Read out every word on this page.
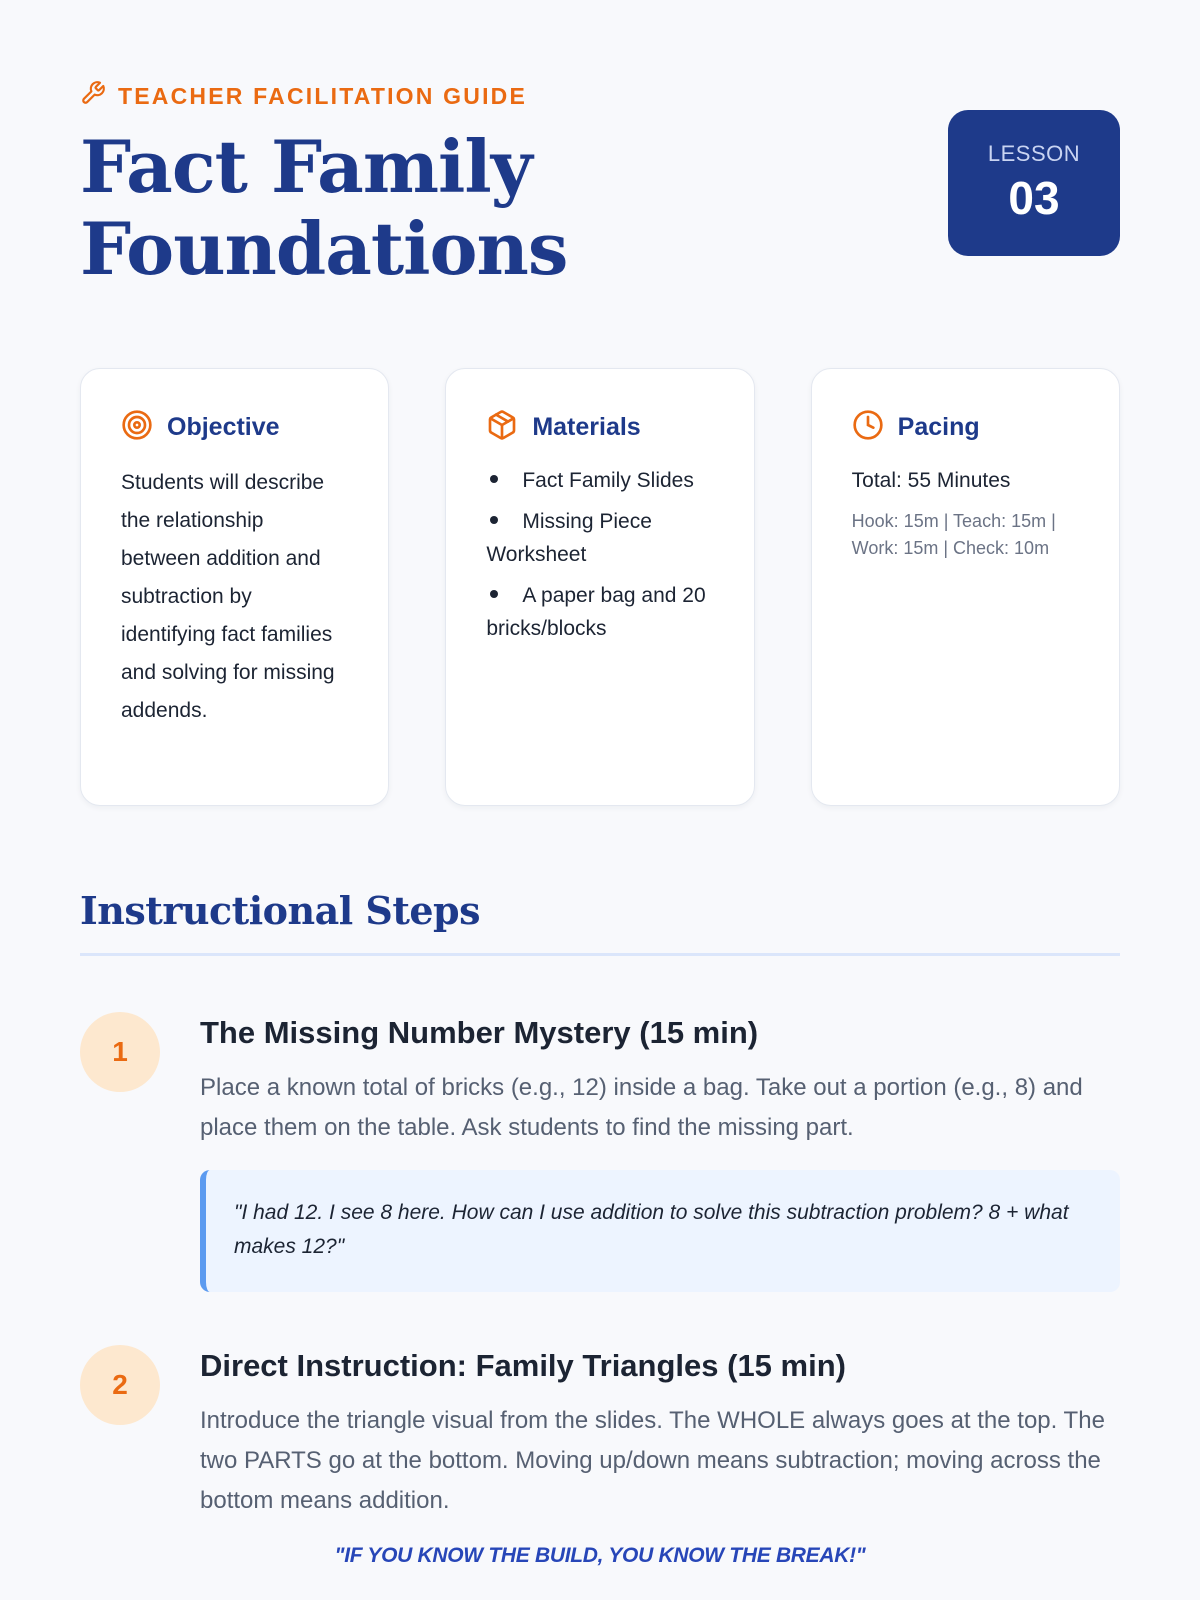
TEACHER FACILITATION GUIDE
Fact Family
Foundations
LESSON
03
Objective

Students will describe the relationship between addition and subtraction by identifying fact families and solving for missing addends.

Materials
Fact Family Slides
Missing Piece Worksheet
A paper bag and 20 bricks/blocks
Pacing

Total: 55 Minutes

Hook: 15m | Teach: 15m | Work: 15m | Check: 10m

Instructional Steps
1
The Missing Number Mystery (15 min)

Place a known total of bricks (e.g., 12) inside a bag. Take out a portion (e.g., 8) and place them on the table. Ask students to find the missing part.

"I had 12. I see 8 here. How can I use addition to solve this subtraction problem? 8 + what makes 12?"
2
Direct Instruction: Family Triangles (15 min)

Introduce the triangle visual from the slides. The WHOLE always goes at the top. The two PARTS go at the bottom. Moving up/down means subtraction; moving across the bottom means addition.

"IF YOU KNOW THE BUILD, YOU KNOW THE BREAK!"
